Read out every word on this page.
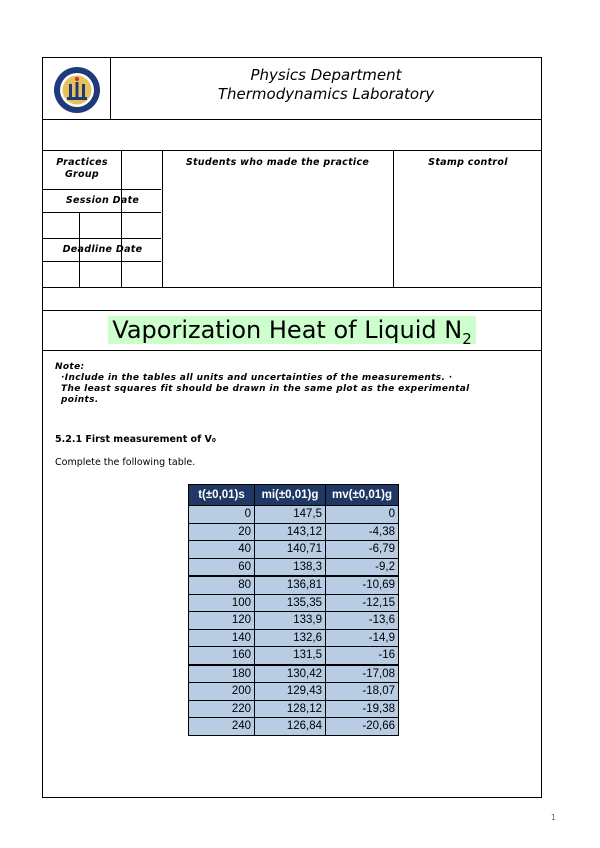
Physics Department
Thermodynamics Laboratory
Practices
Group
Session Date
Deadline Date
Students who made the practice	Stamp control
Vaporization Heat of Liquid $N_2$
Note:
·Include in the tables all units and uncertainties of the measurements. ·
The least squares fit should be drawn in the same plot as the experimental
points.
5.2.1 First measurement of V₀
Complete the following table.
t(±0,01)s	mi(±0,01)g	mv(±0,01)g
0	147,5	0
20	143,12	-4,38
40	140,71	-6,79
60	138,3	-9,2
80	136,81	-10,69
100	135,35	-12,15
120	133,9	-13,6
140	132,6	-14,9
160	131,5	-16
180	130,42	-17,08
200	129,43	-18,07
220	128,12	-19,38
240	126,84	-20,66
1
